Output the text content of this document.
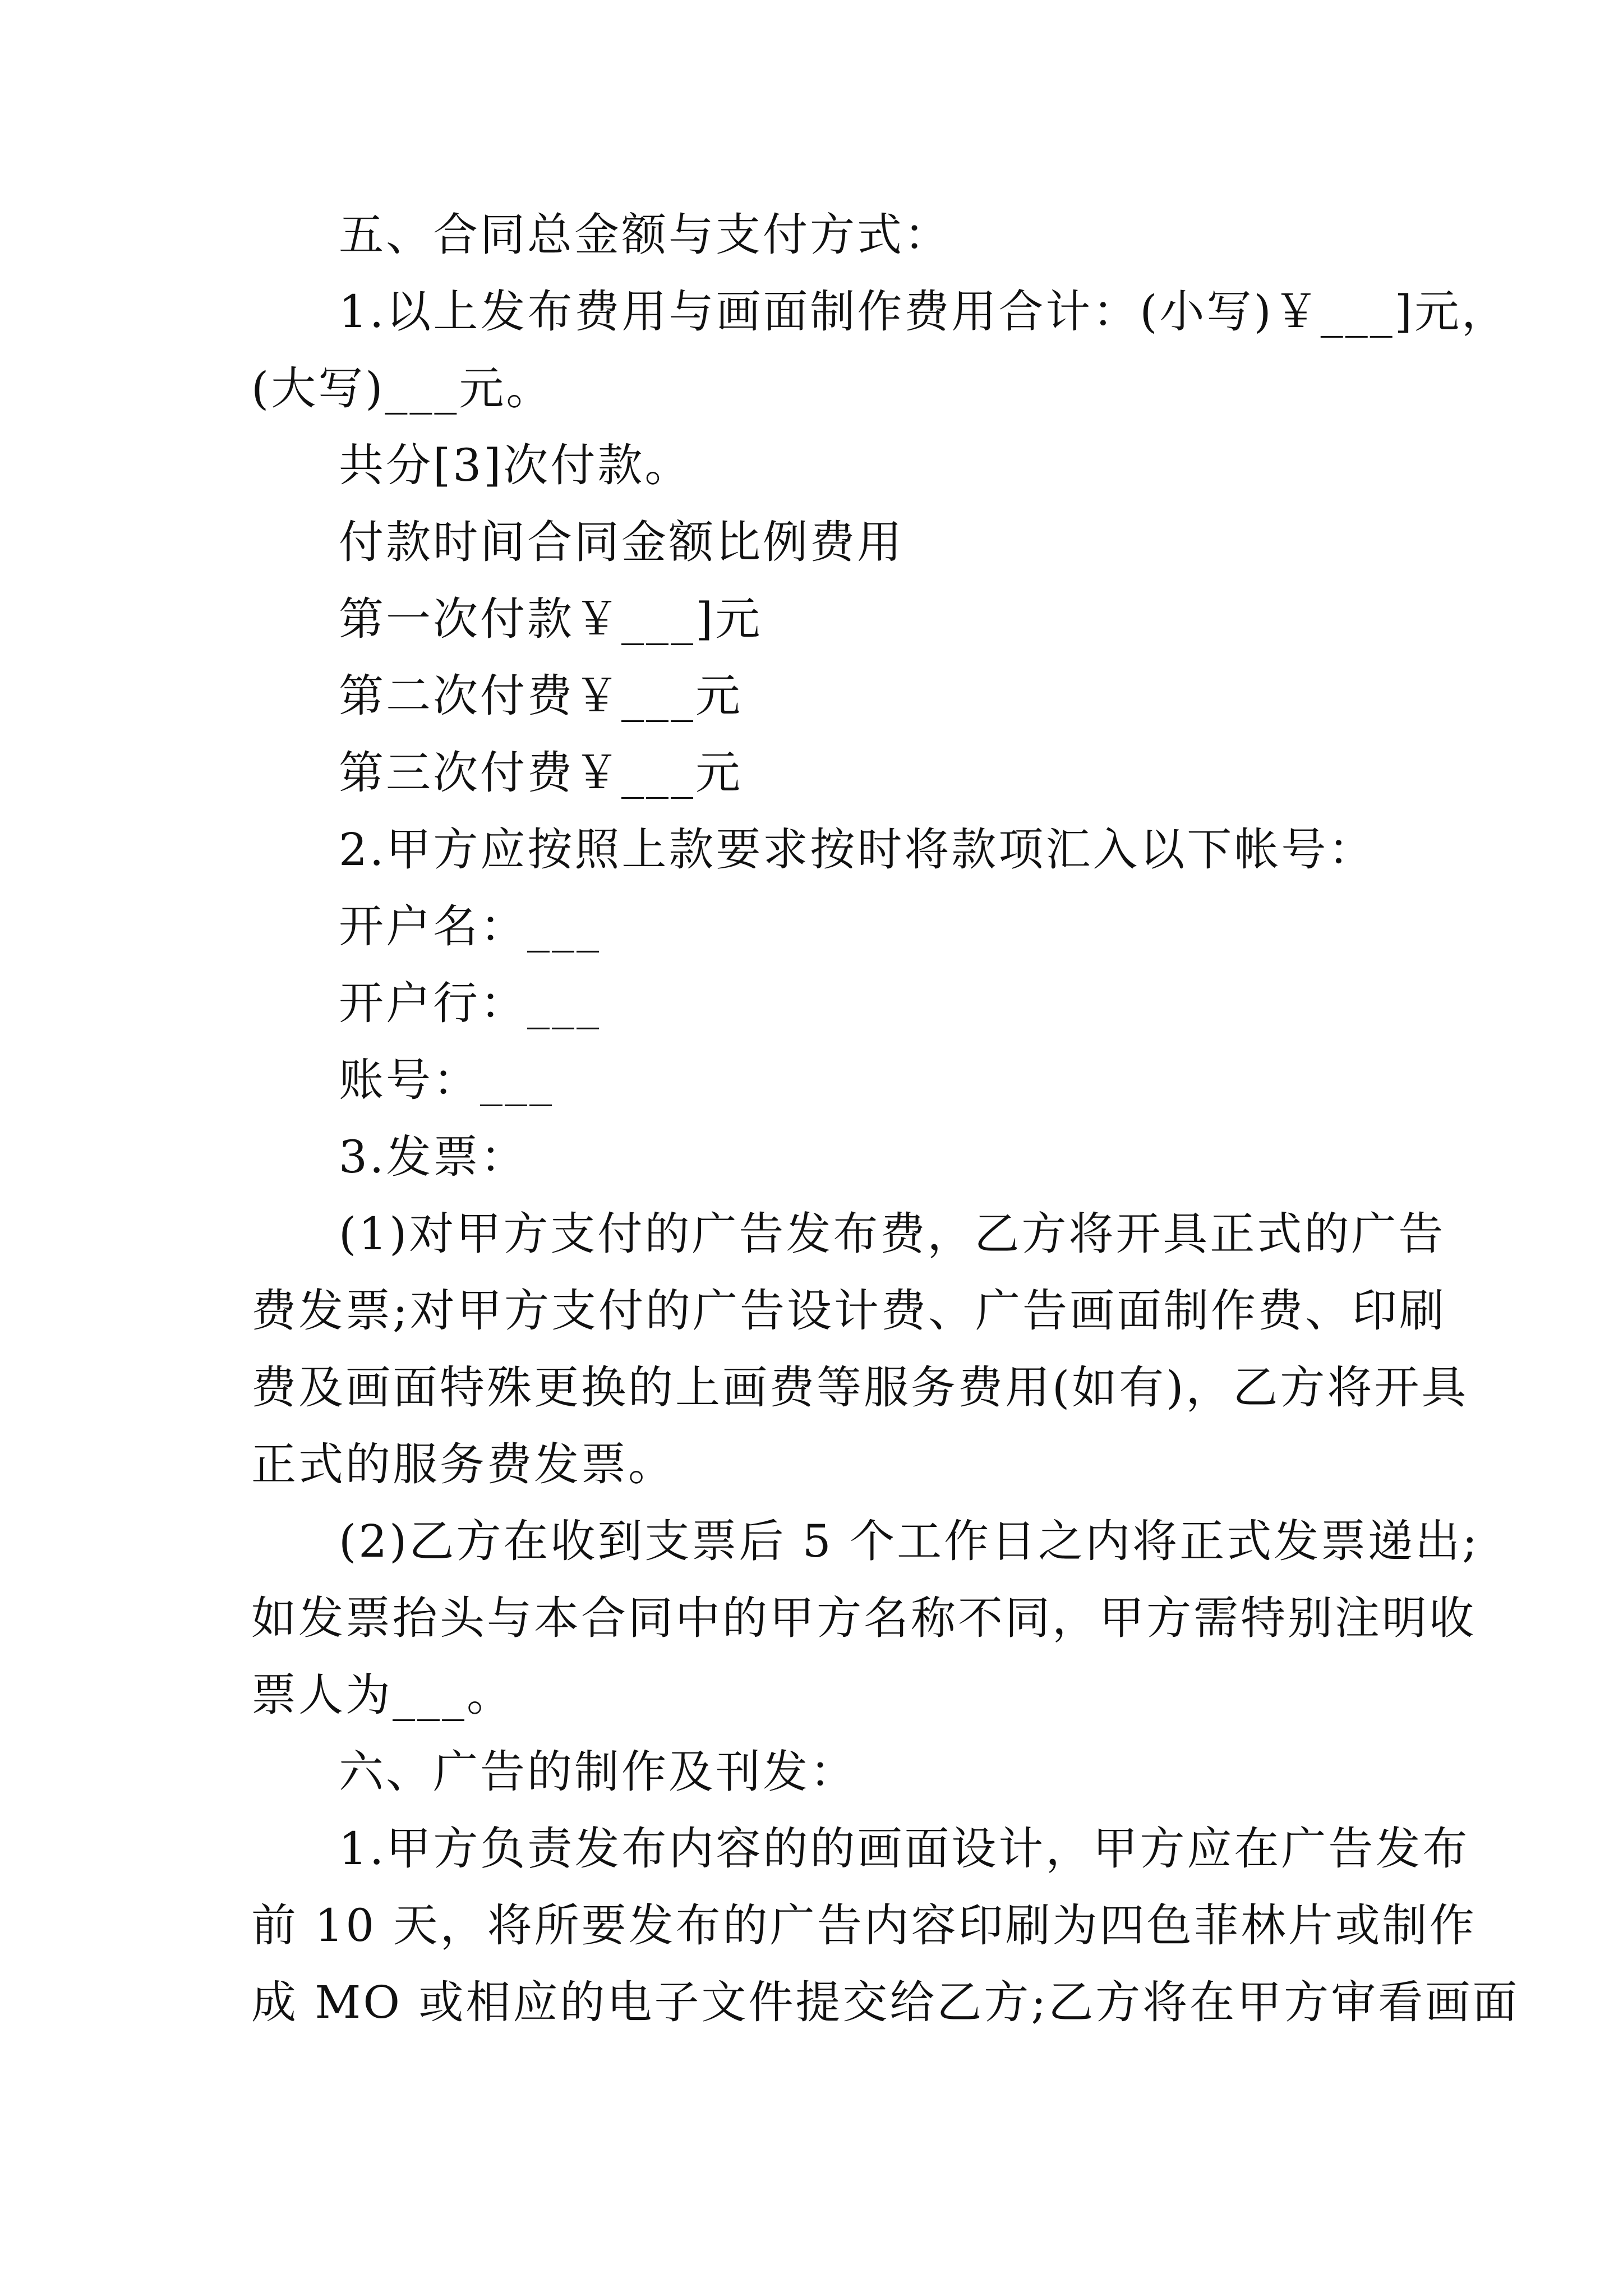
五、合同总金额与支付方式：
1.以上发布费用与画面制作费用合计：(小写)￥___]元，
(大写)___元。
共分[3]次付款。
付款时间合同金额比例费用
第一次付款￥___]元
第二次付费￥___元
第三次付费￥___元
2.甲方应按照上款要求按时将款项汇入以下帐号：
开户名：___
开户行：___
账号：___
3.发票：
(1)对甲方支付的广告发布费，乙方将开具正式的广告
费发票;对甲方支付的广告设计费、广告画面制作费、印刷
费及画面特殊更换的上画费等服务费用(如有)，乙方将开具
正式的服务费发票。
(2)乙方在收到支票后 5 个工作日之内将正式发票递出;
如发票抬头与本合同中的甲方名称不同，甲方需特别注明收
票人为___。
六、广告的制作及刊发：
1.甲方负责发布内容的的画面设计，甲方应在广告发布
前 10 天，将所要发布的广告内容印刷为四色菲林片或制作
成 MO 或相应的电子文件提交给乙方;乙方将在甲方审看画面
